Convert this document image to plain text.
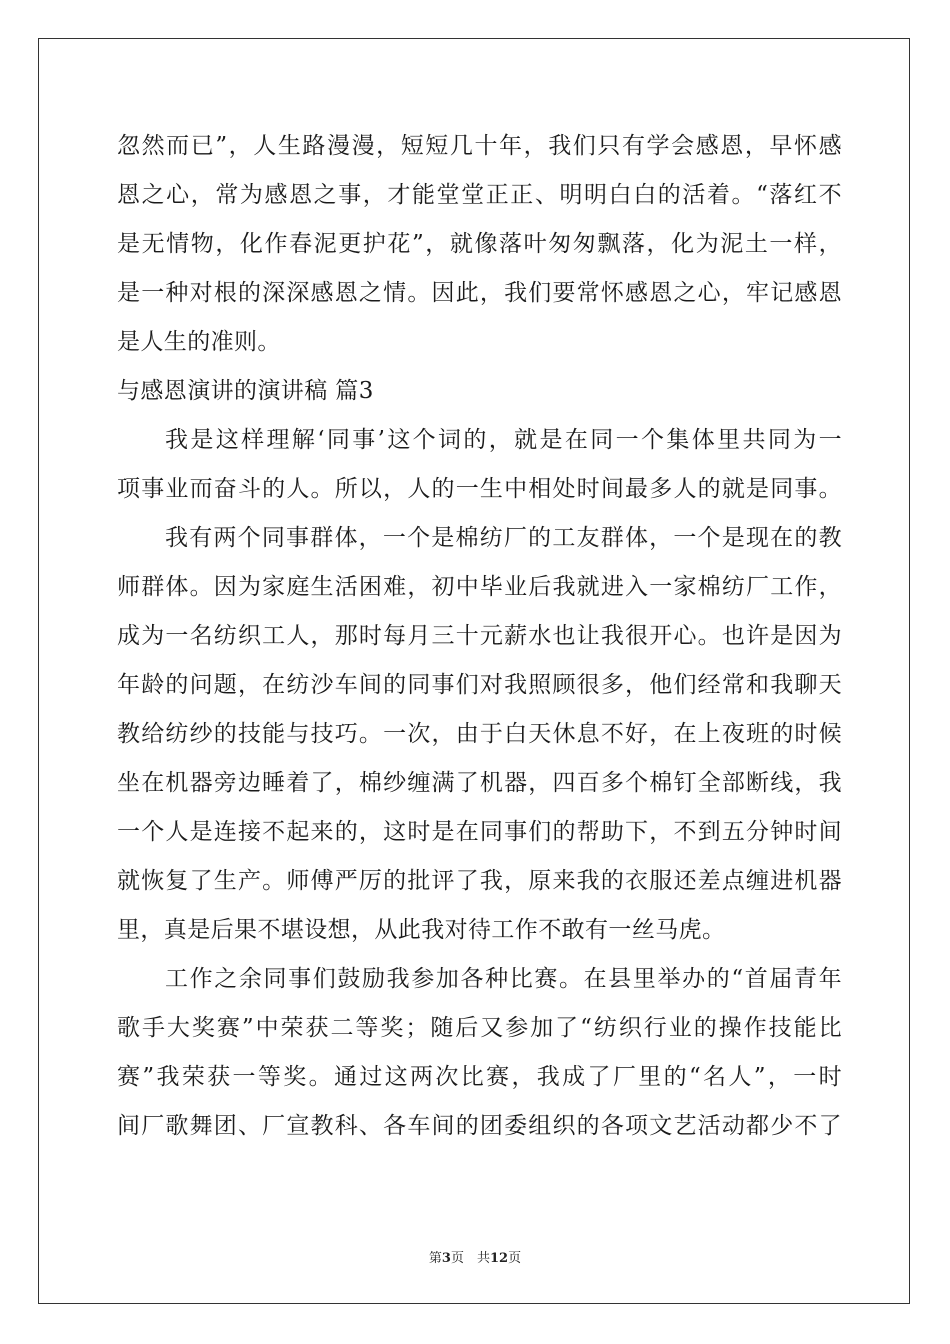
忽然而已”，人生路漫漫，短短几十年，我们只有学会感恩，早怀感
恩之心，常为感恩之事，才能堂堂正正、明明白白的活着。“落红不
是无情物，化作春泥更护花”，就像落叶匆匆飘落，化为泥土一样，
是一种对根的深深感恩之情。因此，我们要常怀感恩之心，牢记感恩
是人生的准则。
与感恩演讲的演讲稿 篇3
我是这样理解‘同事’这个词的，就是在同一个集体里共同为一
项事业而奋斗的人。所以，人的一生中相处时间最多人的就是同事。
我有两个同事群体，一个是棉纺厂的工友群体，一个是现在的教
师群体。因为家庭生活困难，初中毕业后我就进入一家棉纺厂工作，
成为一名纺织工人，那时每月三十元薪水也让我很开心。也许是因为
年龄的问题，在纺沙车间的同事们对我照顾很多，他们经常和我聊天
教给纺纱的技能与技巧。一次，由于白天休息不好，在上夜班的时候
坐在机器旁边睡着了，棉纱缠满了机器，四百多个棉钉全部断线，我
一个人是连接不起来的，这时是在同事们的帮助下，不到五分钟时间
就恢复了生产。师傅严厉的批评了我，原来我的衣服还差点缠进机器
里，真是后果不堪设想，从此我对待工作不敢有一丝马虎。
工作之余同事们鼓励我参加各种比赛。在县里举办的“首届青年
歌手大奖赛”中荣获二等奖；随后又参加了“纺织行业的操作技能比
赛”我荣获一等奖。通过这两次比赛，我成了厂里的“名人”，一时
间厂歌舞团、厂宣教科、各车间的团委组织的各项文艺活动都少不了
第3页　共12页
